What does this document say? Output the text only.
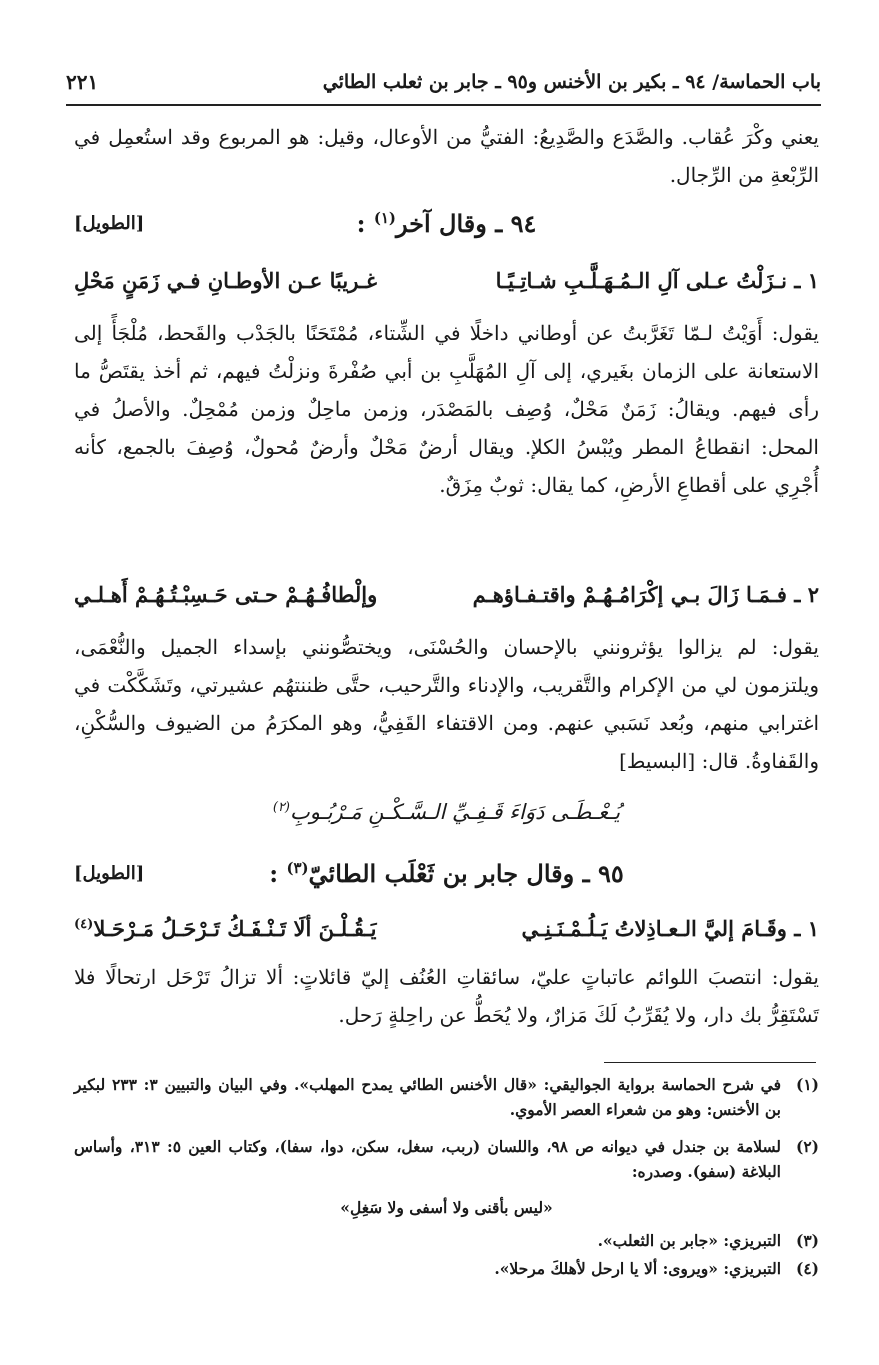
٢٢١	باب الحماسة/ ٩٤ ـ بكير بن الأخنس و٩٥ ـ جابر بن ثعلب الطائي
يعني وكْرَ عُقاب. والصَّدَع والصَّدِيعُ: الفتيُّ من الأوعال، وقيل: هو المربوع وقد استُعمِل في الرِّبْعةِ من الرِّجال.
٩٤ ـ وقال آخر$^{(١)}$ :
[الطويل]
١ ـ نـزَلْتُ عـلى آلِ الـمُـهَـلَّـبِ شـاتِـيًـا
غـريبًا عـن الأوطـانِ فـي زَمَنٍ مَحْلِ
يقول: أَوَيْتُ لـمّا تَغَرَّبتُ عن أوطاني داخلًا في الشِّتاء، مُمْتَحَنًا بالجَدْب والقَحط، مُلْجَأً إلى الاستعانة على الزمان بغَيري، إلى آلِ المُهَلَّبِ بن أبي صُفْرةَ ونزلْتُ فيهم، ثم أخذ يقتَصُّ ما رأى فيهم. ويقالُ: زَمَنٌ مَحْلٌ، وُصِف بالمَصْدَر، وزمن ماحِلٌ وزمن مُمْحِلٌ. والأصلُ في المحل: انقطاعُ المطر ويُبْسُ الكلإ. ويقال أرضٌ مَحْلٌ وأرضٌ مُحولٌ، وُصِفَ بالجمع، كأنه أُجْرِي على أقطاعِ الأرضِ، كما يقال: ثوبٌ مِزَقٌ.
٢ ـ فـمَـا زَالَ بـي إكْرَامُـهُـمْ واقتـفـاؤهـم
وإلْطافُـهُـمْ حـتى حَـسِبْـتُـهُـمْ أَهـلـي
يقول: لم يزالوا يؤثرونني بالإحسان والحُسْنَى، ويختصُّونني بإسداء الجميل والنُّعْمَى، ويلتزمون لي من الإكرام والتَّقريب، والإدناء والتَّرحيب، حتَّى ظننتهُم عشيرتي، وتَشَكَّكْت في اغترابي منهم، وبُعد نَسَبي عنهم. ومن الاقتفاء القَفِيُّ، وهو المكرَمُ من الضيوف والسُّكْنِ، والقَفاوةُ. قال: [البسيط]
يُـعْـطَـى دَوَاءَ قَـفِـيِّ الـسَّـكْـنِ مَـرْبُـوبِ$^{(٢)}$
٩٥ ـ وقال جابر بن ثَعْلَب الطائيّ$^{(٣)}$ :
[الطويل]
١ ـ وقَـامَ إليَّ الـعـاذِلاتُ يَـلُـمْـنَـنِـي
يَـقُـلْـنَ ألَا تَـنْـفَـكُ تَـرْحَـلُ مَـرْحَـلا$^{(٤)}$
يقول: انتصبَ اللوائم عاتباتٍ عليّ، سائقاتِ العُنُف إليّ قائلاتٍ: ألا تزالُ تَرْحَل ارتحالًا فلا تَسْتَقِرُّ بك دار، ولا يُقَرِّبُ لَكَ مَزارٌ، ولا يُحَطُّ عن راحِلةٍ رَحل.
(١)
في شرح الحماسة برواية الجواليقي: «قال الأخنس الطائي يمدح المهلب». وفي البيان والتبيين ٣: ٢٣٣ لبكير بن الأخنس: وهو من شعراء العصر الأموي.
(٢)
لسلامة بن جندل في ديوانه ص ٩٨، واللسان (ربب، سغل، سكن، دوا، سفا)، وكتاب العين ٥: ٣١٣، وأساس البلاغة (سفو). وصدره:
«ليس بأقنى ولا أسفى ولا سَغِلِ»
(٣)
التبريزي: «جابر بن الثعلب».
(٤)
التبريزي: «ويروى: ألا يا ارحل لأهلكَ مرحلا».
